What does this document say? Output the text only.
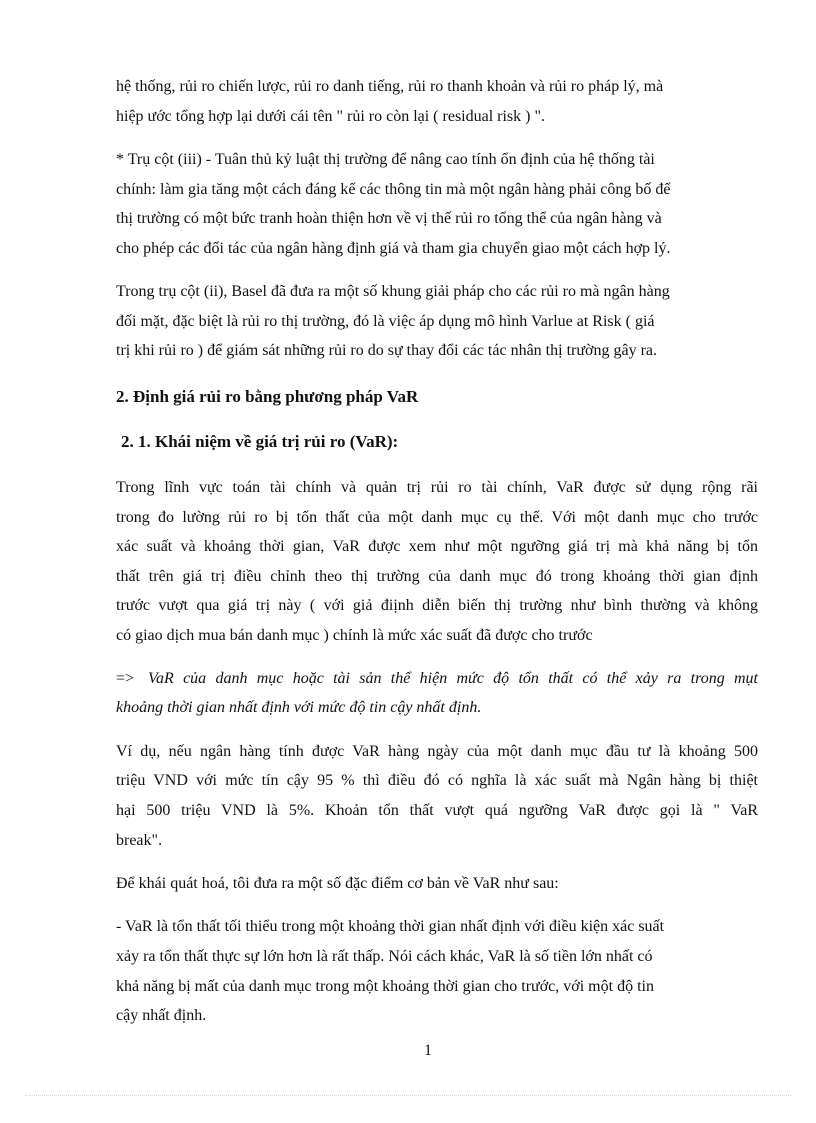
hệ thống, rủi ro chiến lược, rủi ro danh tiếng, rủi ro thanh khoản và rủi ro pháp lý, mà
hiệp ước tổng hợp lại dưới cái tên " rủi ro còn lại ( residual risk ) ".
* Trụ cột (iii) - Tuân thủ kỷ luật thị trường để nâng cao tính ổn định của hệ thống tài
chính: làm gia tăng một cách đáng kể các thông tin mà một ngân hàng phải công bố để
thị trường có một bức tranh hoàn thiện hơn về vị thế rủi ro tổng thể của ngân hàng và
cho phép các đối tác của ngân hàng định giá và tham gia chuyển giao một cách hợp lý.
Trong trụ cột (ii), Basel đã đưa ra một số khung giải pháp cho các rủi ro mà ngân hàng
đối mặt, đặc biệt là rủi ro thị trường, đó là việc áp dụng mô hình Varlue at Risk ( giá
trị khi rủi ro ) để giám sát những rủi ro do sự thay đổi các tác nhân thị trường gây ra.
2. Định giá rủi ro bằng phương pháp VaR
2. 1. Khái niệm về giá trị rủi ro (VaR):
Trong lĩnh vực toán tài chính và quản trị rủi ro tài chính, VaR được sử dụng rộng rãi
trong đo lường rủi ro bị tổn thất của một danh mục cụ thể. Với một danh mục cho trước
xác suất và khoảng thời gian, VaR được xem như một ngưỡng giá trị mà khả năng bị tổn
thất trên giá trị điều chỉnh theo thị trường của danh mục đó trong khoảng thời gian định
trước vượt qua giá trị này ( với giả điịnh diễn biến thị trường như bình thường và không
có giao dịch mua bán danh mục ) chính là mức xác suất đã được cho trước
=> VaR của danh mục hoặc tài sản thể hiện mức độ tổn thất có thể xảy ra trong mụt
khoảng thời gian nhất định với mức độ tin cậy nhất định.
Ví dụ, nếu ngân hàng tính được VaR hàng ngày của một danh mục đầu tư là khoảng 500
triệu VND với mức tín cậy 95 % thì điều đó có nghĩa là xác suất mà Ngân hàng bị thiệt
hại 500 triệu VND là 5%. Khoản tổn thất vượt quá ngưỡng VaR được gọi là " VaR
break".
Để khái quát hoá, tôi đưa ra một số đặc điểm cơ bản về VaR như sau:
- VaR là tổn thất tối thiểu trong một khoảng thời gian nhất định với điều kiện xác suất
xảy ra tổn thất thực sự lớn hơn là rất thấp. Nói cách khác, VaR là số tiền lớn nhất có
khả năng bị mất của danh mục trong một khoảng thời gian cho trước, với một độ tin
cậy nhất định.
1
